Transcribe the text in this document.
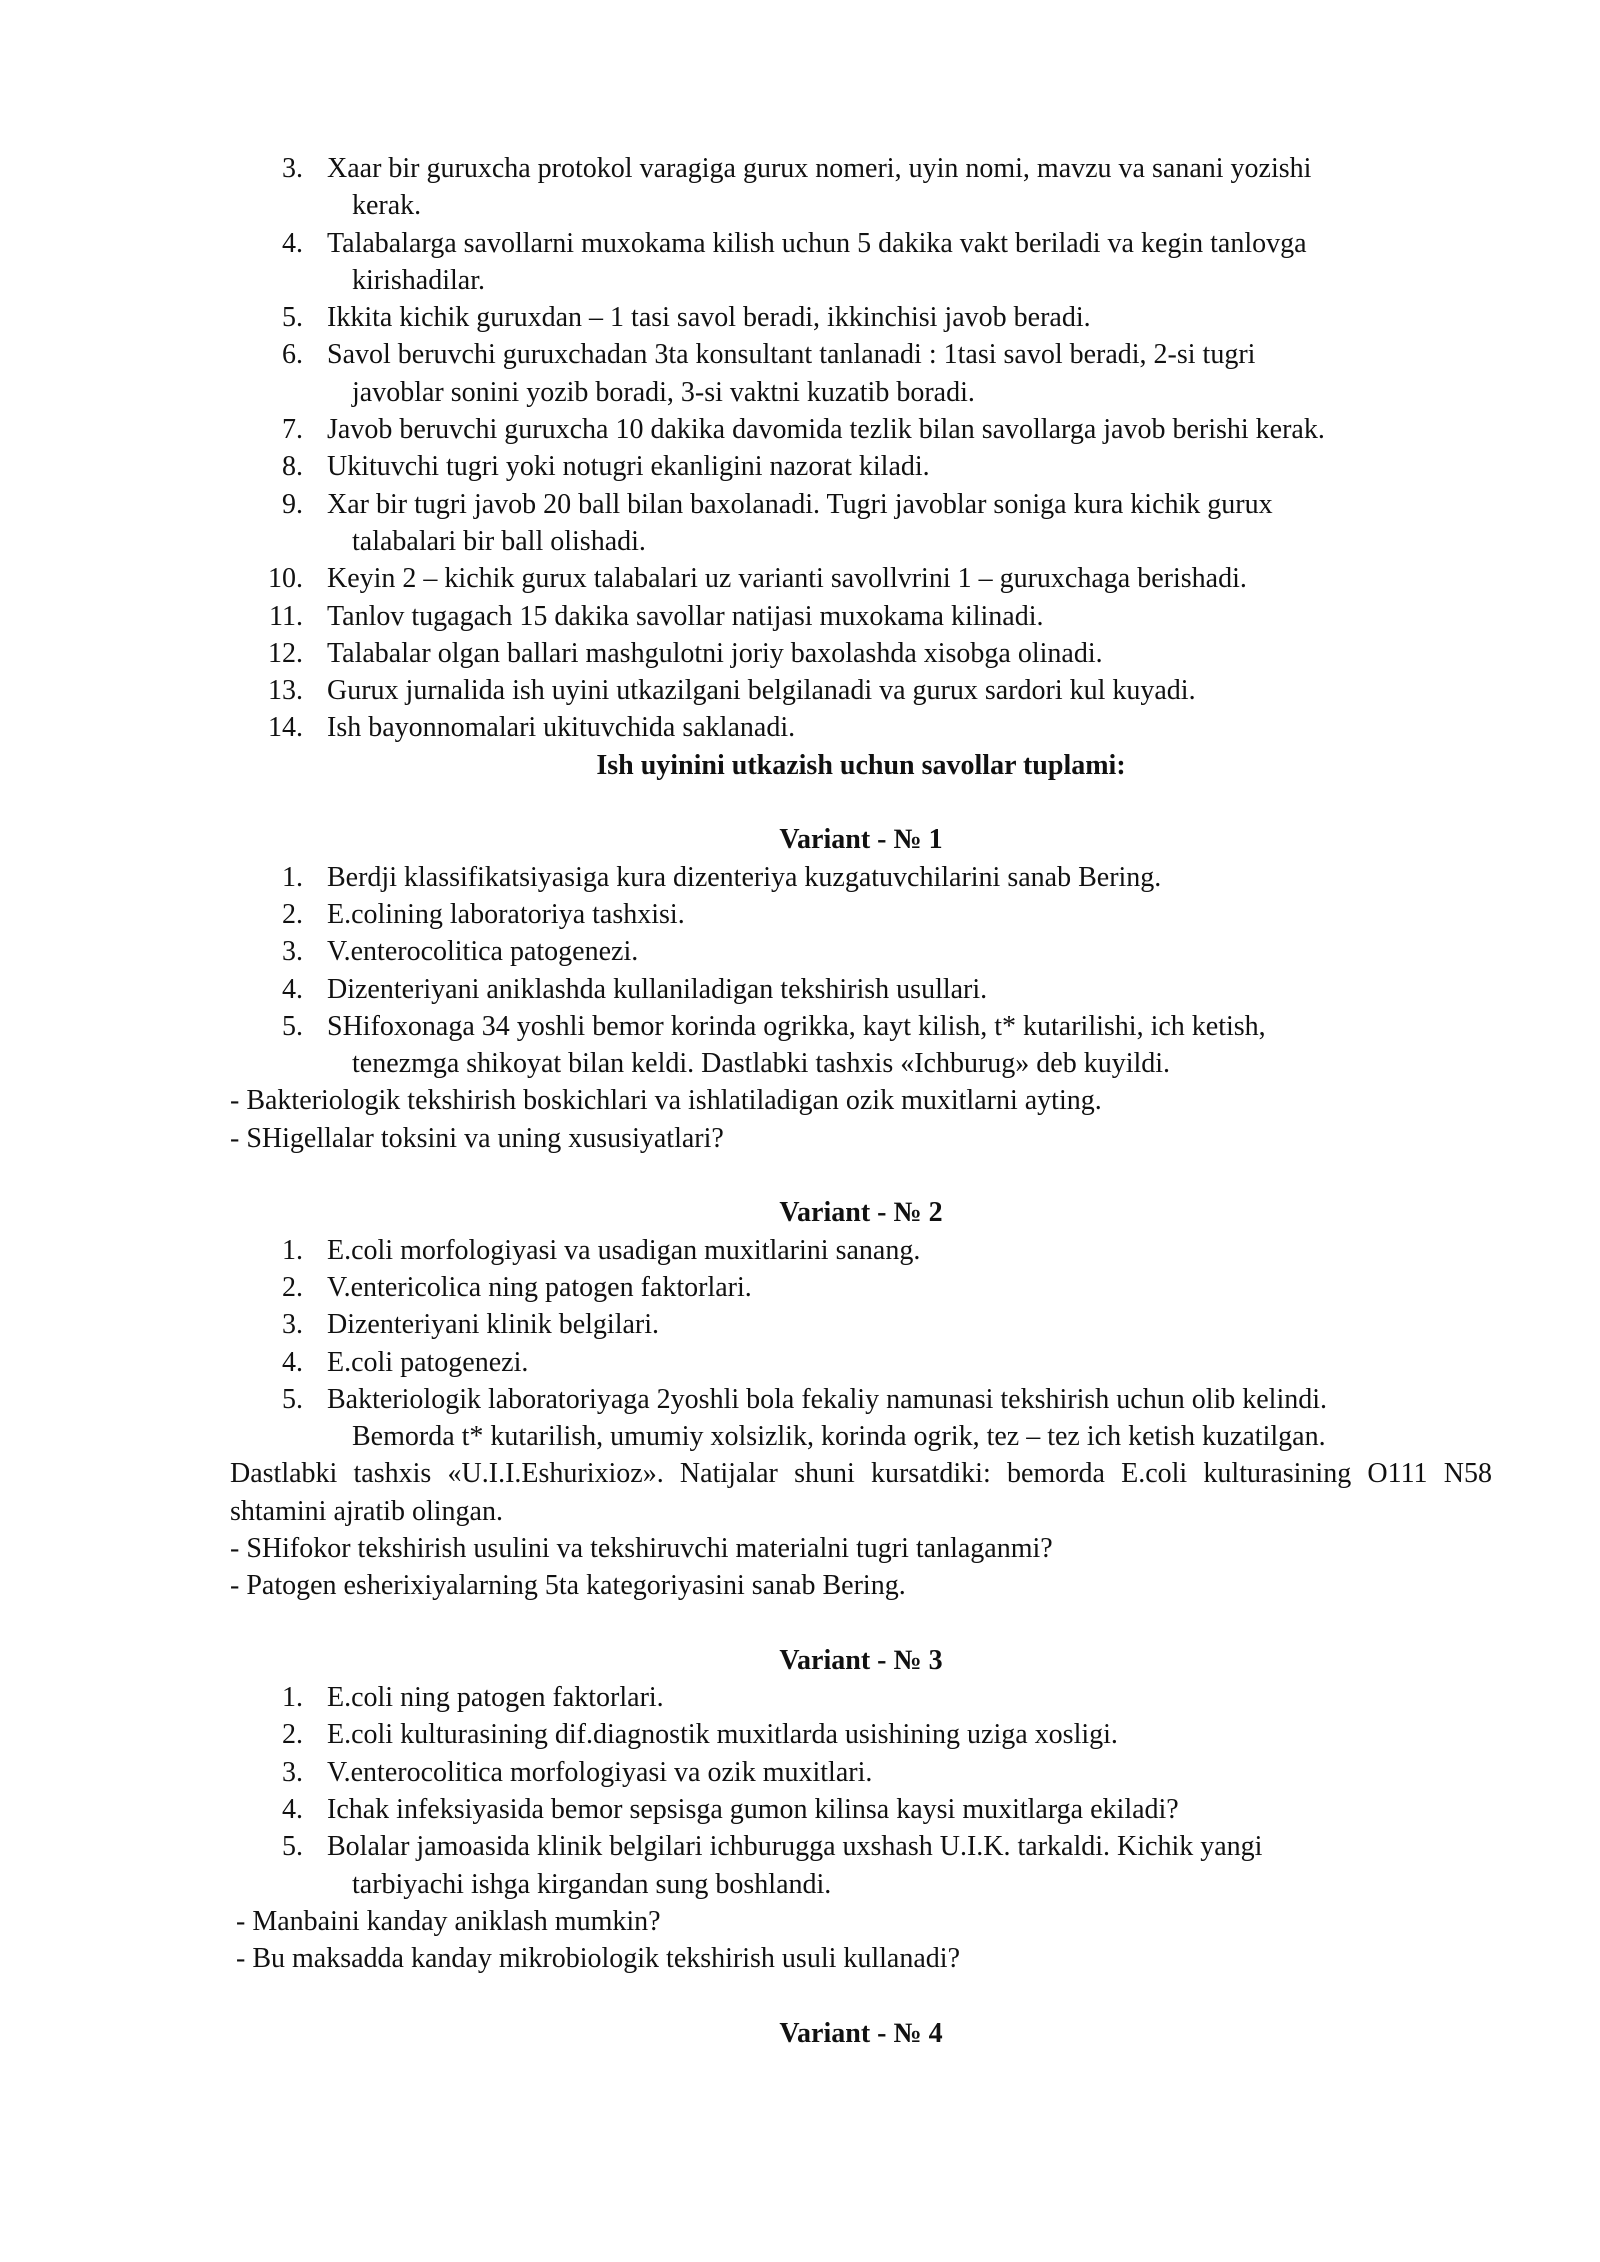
3. Xaar bir guruxcha protokol varagiga gurux nomeri, uyin nomi, mavzu va sanani yozishi
kerak.
4. Talabalarga savollarni muxokama kilish uchun 5 dakika vakt beriladi va kegin tanlovga
kirishadilar.
5. Ikkita kichik guruxdan – 1 tasi savol beradi, ikkinchisi javob beradi.
6. Savol beruvchi guruxchadan 3ta konsultant tanlanadi : 1tasi savol beradi, 2-si tugri
javoblar sonini yozib boradi, 3-si vaktni kuzatib boradi.
7. Javob beruvchi guruxcha 10 dakika davomida tezlik bilan savollarga javob berishi kerak.
8. Ukituvchi tugri yoki notugri ekanligini nazorat kiladi.
9. Xar bir tugri javob 20 ball bilan baxolanadi. Tugri javoblar soniga kura kichik gurux
talabalari bir ball olishadi.
10. Keyin 2 – kichik gurux talabalari uz varianti savollvrini 1 – guruxchaga berishadi.
11. Tanlov tugagach 15 dakika savollar natijasi muxokama kilinadi.
12. Talabalar olgan ballari mashgulotni joriy baxolashda xisobga olinadi.
13. Gurux jurnalida ish uyini utkazilgani belgilanadi va gurux sardori kul kuyadi.
14. Ish bayonnomalari ukituvchida saklanadi.
Ish uyinini utkazish uchun savollar tuplami:
Variant - № 1
1. Berdji klassifikatsiyasiga kura dizenteriya kuzgatuvchilarini sanab Bering.
2. E.colining laboratoriya tashxisi.
3. V.enterocolitica patogenezi.
4. Dizenteriyani aniklashda kullaniladigan tekshirish usullari.
5. SHifoxonaga 34 yoshli bemor korinda ogrikka, kayt kilish, t* kutarilishi, ich ketish,
tenezmga shikoyat bilan keldi. Dastlabki tashxis «Ichburug» deb kuyildi.
- Bakteriologik tekshirish boskichlari va ishlatiladigan ozik muxitlarni ayting.
- SHigellalar toksini va uning xususiyatlari?
Variant - № 2
1. E.coli morfologiyasi va usadigan muxitlarini sanang.
2. V.entericolica ning patogen faktorlari.
3. Dizenteriyani klinik belgilari.
4. E.coli patogenezi.
5. Bakteriologik laboratoriyaga 2yoshli bola fekaliy namunasi tekshirish uchun olib kelindi.
Bemorda t* kutarilish, umumiy xolsizlik, korinda ogrik, tez – tez ich ketish kuzatilgan.
Dastlabki tashxis «U.I.I.Eshurixioz». Natijalar shuni kursatdiki: bemorda E.coli kulturasining O111 N58 shtamini ajratib olingan.
- SHifokor tekshirish usulini va tekshiruvchi materialni tugri tanlaganmi?
- Patogen esherixiyalarning 5ta kategoriyasini sanab Bering.
Variant - № 3
1. E.coli ning patogen faktorlari.
2. E.coli kulturasining dif.diagnostik muxitlarda usishining uziga xosligi.
3. V.enterocolitica morfologiyasi va ozik muxitlari.
4. Ichak infeksiyasida bemor sepsisga gumon kilinsa kaysi muxitlarga ekiladi?
5. Bolalar jamoasida klinik belgilari ichburugga uxshash U.I.K. tarkaldi. Kichik yangi
tarbiyachi ishga kirgandan sung boshlandi.
- Manbaini kanday aniklash mumkin?
- Bu maksadda kanday mikrobiologik tekshirish usuli kullanadi?
Variant - № 4
